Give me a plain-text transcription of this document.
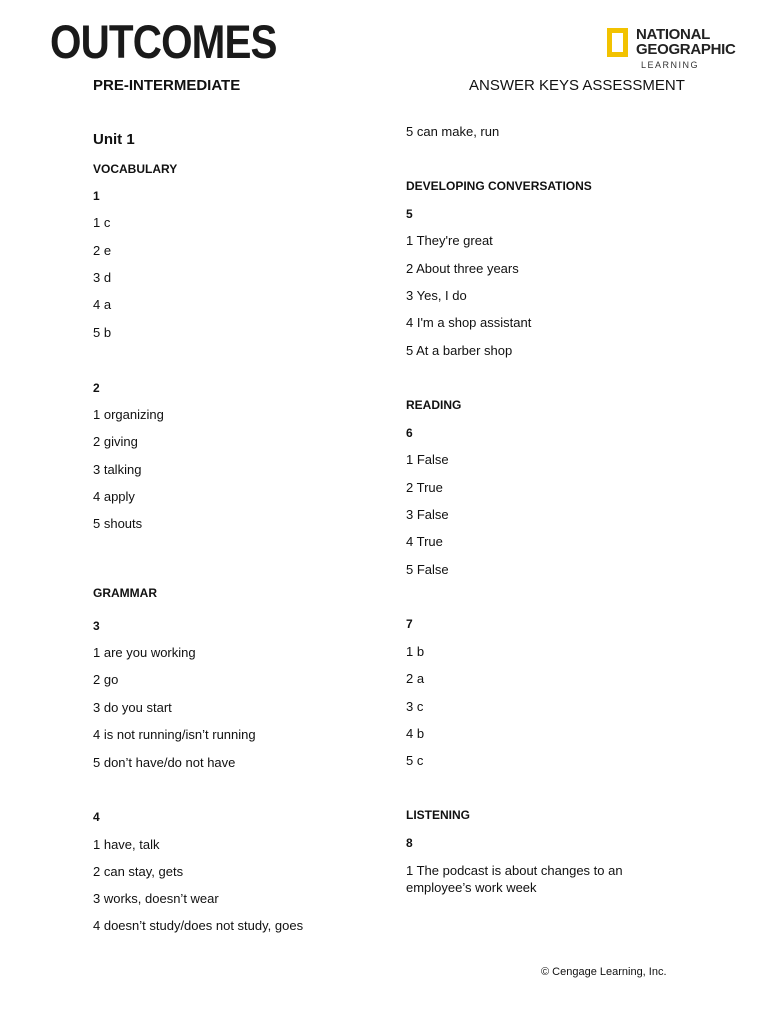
OUTCOMES	NATIONAL
GEOGRAPHIC
LEARNING
PRE-INTERMEDIATE	ANSWER KEYS ASSESSMENT
Unit 1
VOCABULARY
1
1 c
2 e
3 d
4 a
5 b
2
1 organizing
2 giving
3 talking
4 apply
5 shouts
GRAMMAR
3
1 are you working
2 go
3 do you start
4 is not running/isn’t running
5 don’t have/do not have
4
1 have, talk
2 can stay, gets
3 works, doesn’t wear
4 doesn’t study/does not study, goes
5 can make, run
DEVELOPING CONVERSATIONS
5
1 They're great
2 About three years
3 Yes, I do
4 I'm a shop assistant
5 At a barber shop
READING
6
1 False
2 True
3 False
4 True
5 False
7
1 b
2 a
3 c
4 b
5 c
LISTENING
8
1 The podcast is about changes to an employee’s work week
© Cengage Learning, Inc.
